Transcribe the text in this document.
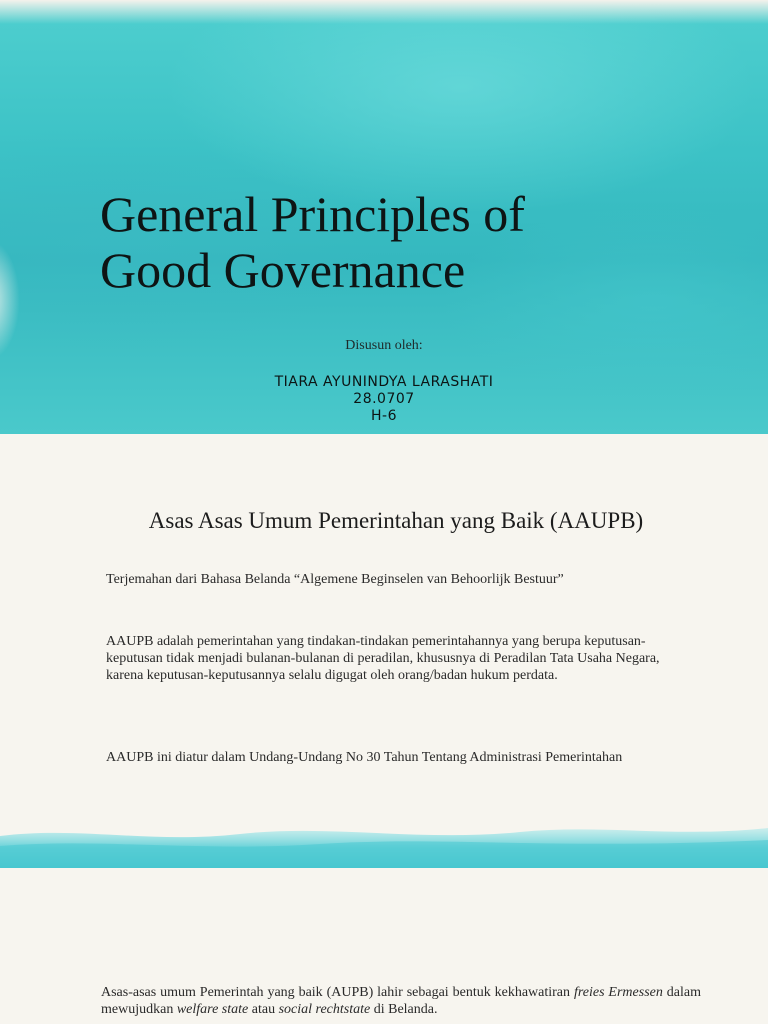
General Principles of
Good Governance
Disusun oleh:
TIARA AYUNINDYA LARASHATI
28.0707
H-6
Asas Asas Umum Pemerintahan yang Baik (AAUPB)

Terjemahan dari Bahasa Belanda “Algemene Beginselen van Behoorlijk Bestuur”

AAUPB adalah pemerintahan yang tindakan-tindakan pemerintahannya yang berupa keputusan-keputusan tidak menjadi bulanan-bulanan di peradilan, khususnya di Peradilan Tata Usaha Negara, karena keputusan-keputusannya selalu digugat oleh orang/badan hukum perdata.

AAUPB ini diatur dalam Undang-Undang No 30 Tahun Tentang Administrasi Pemerintahan

Asas-asas umum Pemerintah yang baik (AUPB) lahir sebagai bentuk kekhawatiran freies Ermessen dalam mewujudkan welfare state atau social rechtstate di Belanda.
